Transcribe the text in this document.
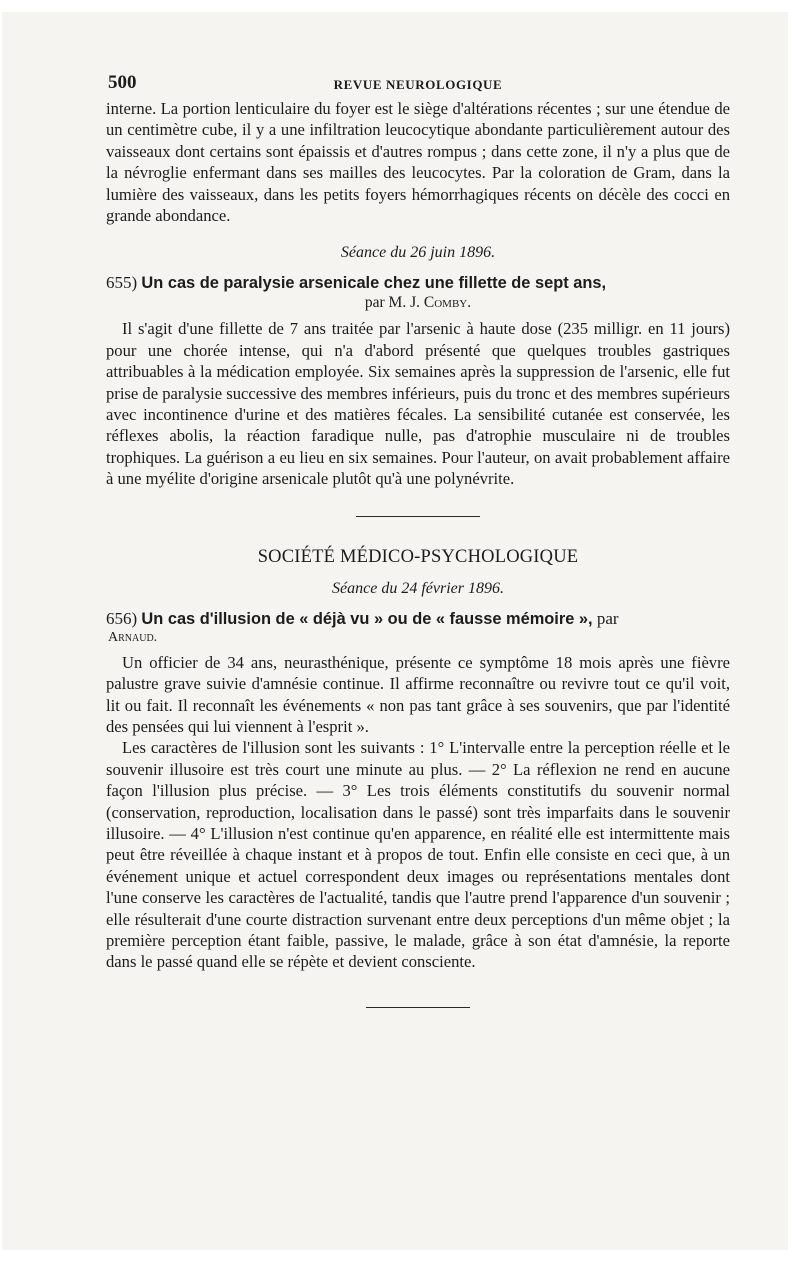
500	REVUE NEUROLOGIQUE

interne. La portion lenticulaire du foyer est le siège d'altérations récentes ; sur une étendue de un centimètre cube, il y a une infiltration leucocytique abondante particulièrement autour des vaisseaux dont certains sont épaissis et d'autres rompus ; dans cette zone, il n'y a plus que de la névroglie enfermant dans ses mailles des leucocytes. Par la coloration de Gram, dans la lumière des vaisseaux, dans les petits foyers hémorrhagiques récents on décèle des cocci en grande abondance.

Séance du 26 juin 1896.
655) Un cas de paralysie arsenicale chez une fillette de sept ans,
par M. J. Comby.

Il s'agit d'une fillette de 7 ans traitée par l'arsenic à haute dose (235 milligr. en 11 jours) pour une chorée intense, qui n'a d'abord présenté que quelques troubles gastriques attribuables à la médication employée. Six semaines après la suppression de l'arsenic, elle fut prise de paralysie successive des membres inférieurs, puis du tronc et des membres supérieurs avec incontinence d'urine et des matières fécales. La sensibilité cutanée est conservée, les réflexes abolis, la réaction faradique nulle, pas d'atrophie musculaire ni de troubles trophiques. La guérison a eu lieu en six semaines. Pour l'auteur, on avait probablement affaire à une myélite d'origine arsenicale plutôt qu'à une polynévrite.

SOCIÉTÉ MÉDICO-PSYCHOLOGIQUE
Séance du 24 février 1896.
656) Un cas d'illusion de « déjà vu » ou de « fausse mémoire », par
Arnaud.

Un officier de 34 ans, neurasthénique, présente ce symptôme 18 mois après une fièvre palustre grave suivie d'amnésie continue. Il affirme reconnaître ou revivre tout ce qu'il voit, lit ou fait. Il reconnaît les événements « non pas tant grâce à ses souvenirs, que par l'identité des pensées qui lui viennent à l'esprit ».

Les caractères de l'illusion sont les suivants : 1° L'intervalle entre la perception réelle et le souvenir illusoire est très court une minute au plus. — 2° La réflexion ne rend en aucune façon l'illusion plus précise. — 3° Les trois éléments constitutifs du souvenir normal (conservation, reproduction, localisation dans le passé) sont très imparfaits dans le souvenir illusoire. — 4° L'illusion n'est continue qu'en apparence, en réalité elle est intermittente mais peut être réveillée à chaque instant et à propos de tout. Enfin elle consiste en ceci que, à un événement unique et actuel correspondent deux images ou représentations mentales dont l'une conserve les caractères de l'actualité, tandis que l'autre prend l'apparence d'un souvenir ; elle résulterait d'une courte distraction survenant entre deux perceptions d'un même objet ; la première perception étant faible, passive, le malade, grâce à son état d'amnésie, la reporte dans le passé quand elle se répète et devient consciente.
